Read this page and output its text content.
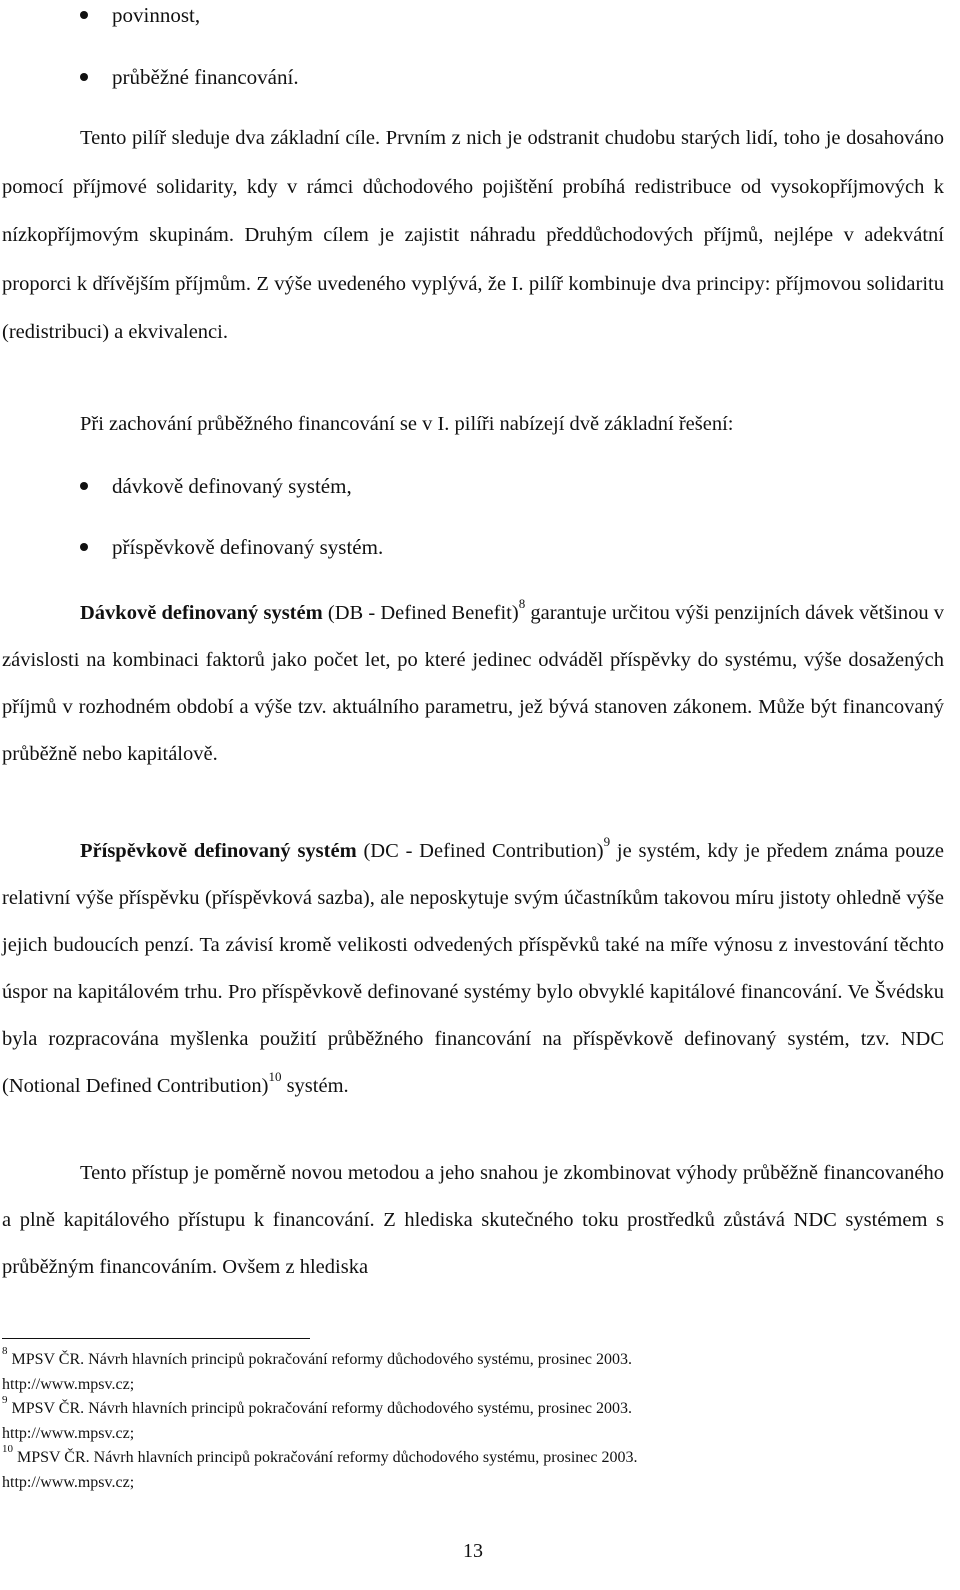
povinnost,
průběžné financování.
Tento pilíř sleduje dva základní cíle. Prvním z nich je odstranit chudobu starých lidí, toho je dosahováno pomocí příjmové solidarity, kdy v rámci důchodového pojištění probíhá redistribuce od vysokopříjmových k nízkopříjmovým skupinám. Druhým cílem je zajistit náhradu předdůchodových příjmů, nejlépe v adekvátní proporci k dřívějším příjmům. Z výše uvedeného vyplývá, že I. pilíř kombinuje dva principy: příjmovou solidaritu (redistribuci) a ekvivalenci.
Při zachování průběžného financování se v I. pilíři nabízejí dvě základní řešení:
dávkově definovaný systém,
příspěvkově definovaný systém.
Dávkově definovaný systém (DB - Defined Benefit)$^8$ garantuje určitou výši penzijních dávek většinou v závislosti na kombinaci faktorů jako počet let, po které jedinec odváděl příspěvky do systému, výše dosažených příjmů v rozhodném období a výše tzv. aktuálního parametru, jež bývá stanoven zákonem. Může být financovaný průběžně nebo kapitálově.
Příspěvkově definovaný systém (DC - Defined Contribution)$^9$ je systém, kdy je předem známa pouze relativní výše příspěvku (příspěvková sazba), ale neposkytuje svým účastníkům takovou míru jistoty ohledně výše jejich budoucích penzí. Ta závisí kromě velikosti odvedených příspěvků také na míře výnosu z investování těchto úspor na kapitálovém trhu. Pro příspěvkově definované systémy bylo obvyklé kapitálové financování. Ve Švédsku byla rozpracována myšlenka použití průběžného financování na příspěvkově definovaný systém, tzv. NDC (Notional Defined Contribution)$^{10}$ systém.
Tento přístup je poměrně novou metodou a jeho snahou je zkombinovat výhody průběžně financovaného a plně kapitálového přístupu k financování. Z hlediska skutečného toku prostředků zůstává NDC systémem s průběžným financováním. Ovšem z hlediska
$^8$ MPSV ČR. Návrh hlavních principů pokračování reformy důchodového systému, prosinec 2003.
http://www.mpsv.cz;
$^9$ MPSV ČR. Návrh hlavních principů pokračování reformy důchodového systému, prosinec 2003.
http://www.mpsv.cz;
$^{10}$ MPSV ČR. Návrh hlavních principů pokračování reformy důchodového systému, prosinec 2003.
http://www.mpsv.cz;
13
